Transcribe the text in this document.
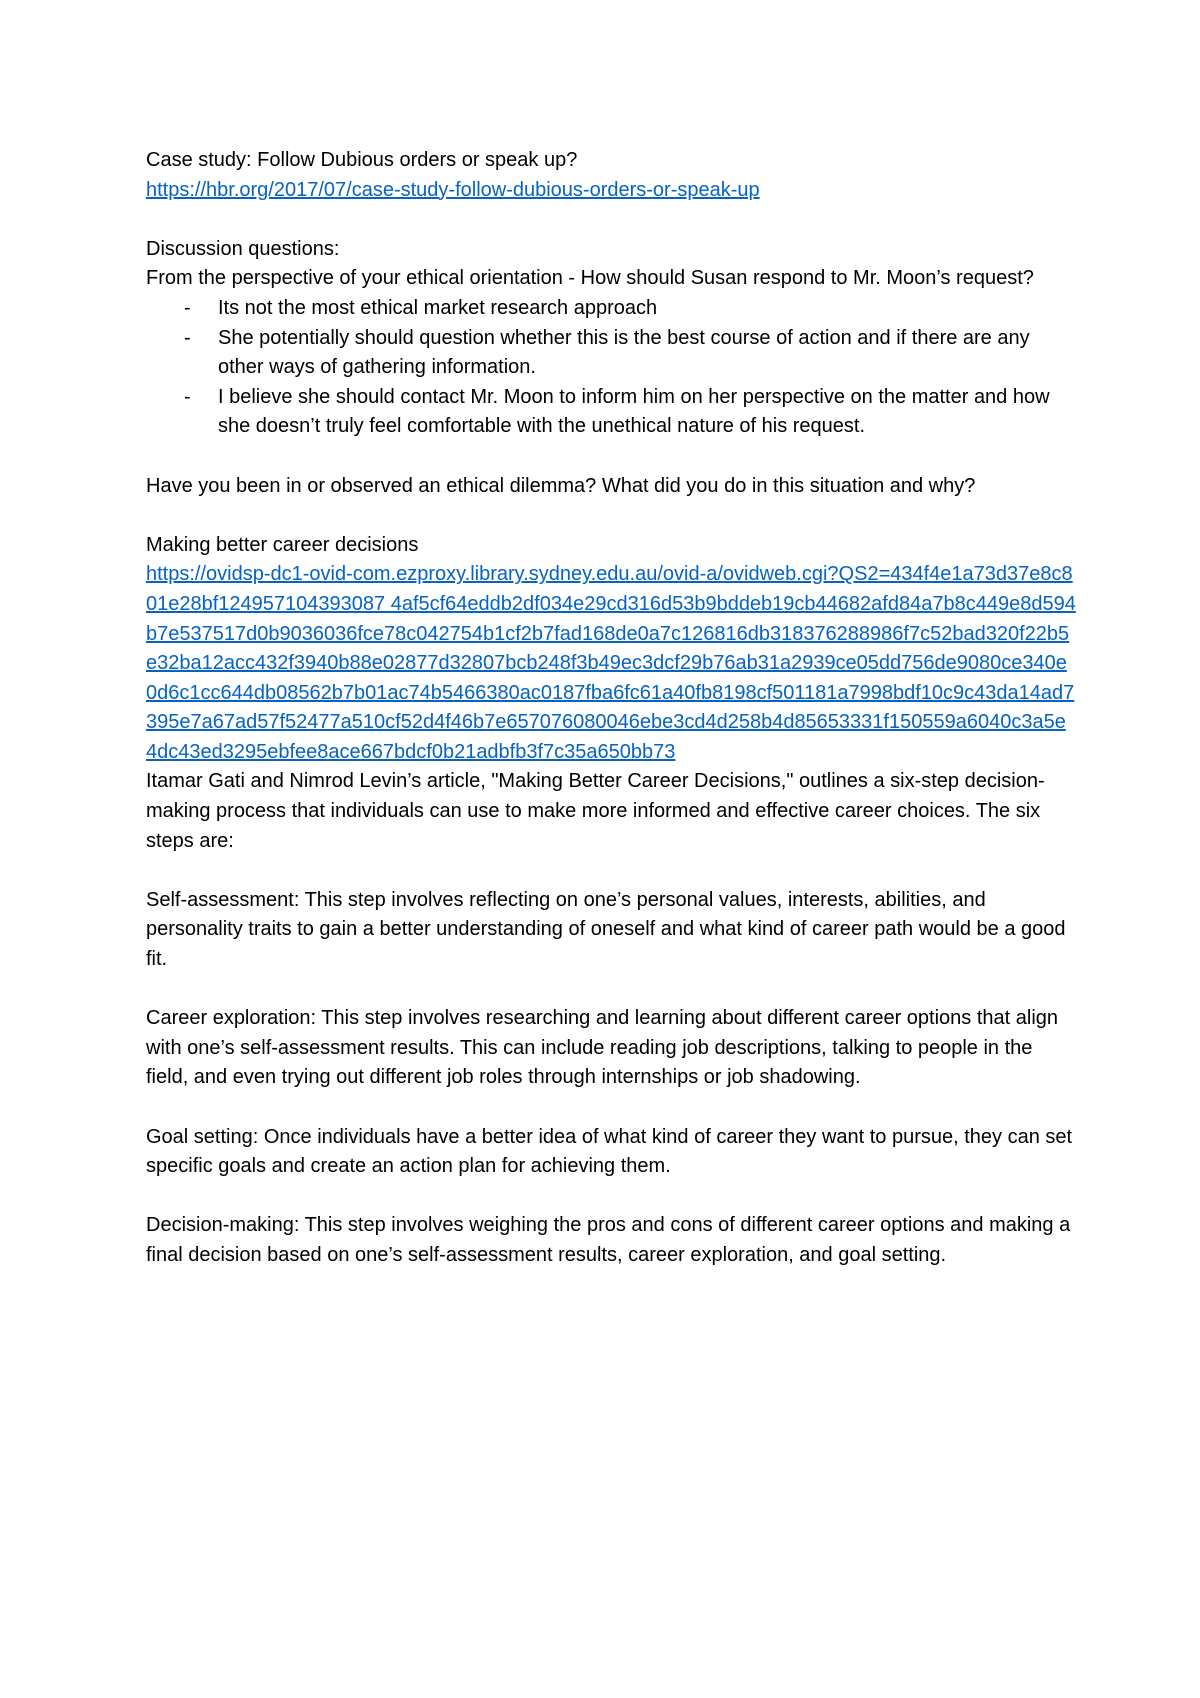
Case study: Follow Dubious orders or speak up?

https://hbr.org/2017/07/case-study-follow-dubious-orders-or-speak-up

Discussion questions:

From the perspective of your ethical orientation - How should Susan respond to Mr. Moon’s request?

- Its not the most ethical market research approach
- She potentially should question whether this is the best course of action and if there are any other ways of gathering information.
- I believe she should contact Mr. Moon to inform him on her perspective on the matter and how she doesn’t truly feel comfortable with the unethical nature of his request.

Have you been in or observed an ethical dilemma? What did you do in this situation and why?

Making better career decisions

https://ovidsp-dc1-ovid-com.ezproxy.library.sydney.edu.au/ovid-a/ovidweb.cgi?QS2=434f4e1a73d37e8c801e28bf124957104393087 4af5cf64eddb2df034e29cd316d53b9bddeb19cb44682afd84a7b8c449e8d594b7e537517d0b9036036fce78c042754b1cf2b7fad168de0a7c126816db318376288986f7c52bad320f22b5e32ba12acc432f3940b88e02877d32807bcb248f3b49ec3dcf29b76ab31a2939ce05dd756de9080ce340e0d6c1cc644db08562b7b01ac74b5466380ac0187fba6fc61a40fb8198cf501181a7998bdf10c9c43da14ad7395e7a67ad57f52477a510cf52d4f46b7e657076080046ebe3cd4d258b4d85653331f150559a6040c3a5e4dc43ed3295ebfee8ace667bdcf0b21adbfb3f7c35a650bb73

Itamar Gati and Nimrod Levin’s article, "Making Better Career Decisions," outlines a six-step decision-making process that individuals can use to make more informed and effective career choices. The six steps are:

Self-assessment: This step involves reflecting on one’s personal values, interests, abilities, and personality traits to gain a better understanding of oneself and what kind of career path would be a good fit.

Career exploration: This step involves researching and learning about different career options that align with one’s self-assessment results. This can include reading job descriptions, talking to people in the field, and even trying out different job roles through internships or job shadowing.

Goal setting: Once individuals have a better idea of what kind of career they want to pursue, they can set specific goals and create an action plan for achieving them.

Decision-making: This step involves weighing the pros and cons of different career options and making a final decision based on one’s self-assessment results, career exploration, and goal setting.
